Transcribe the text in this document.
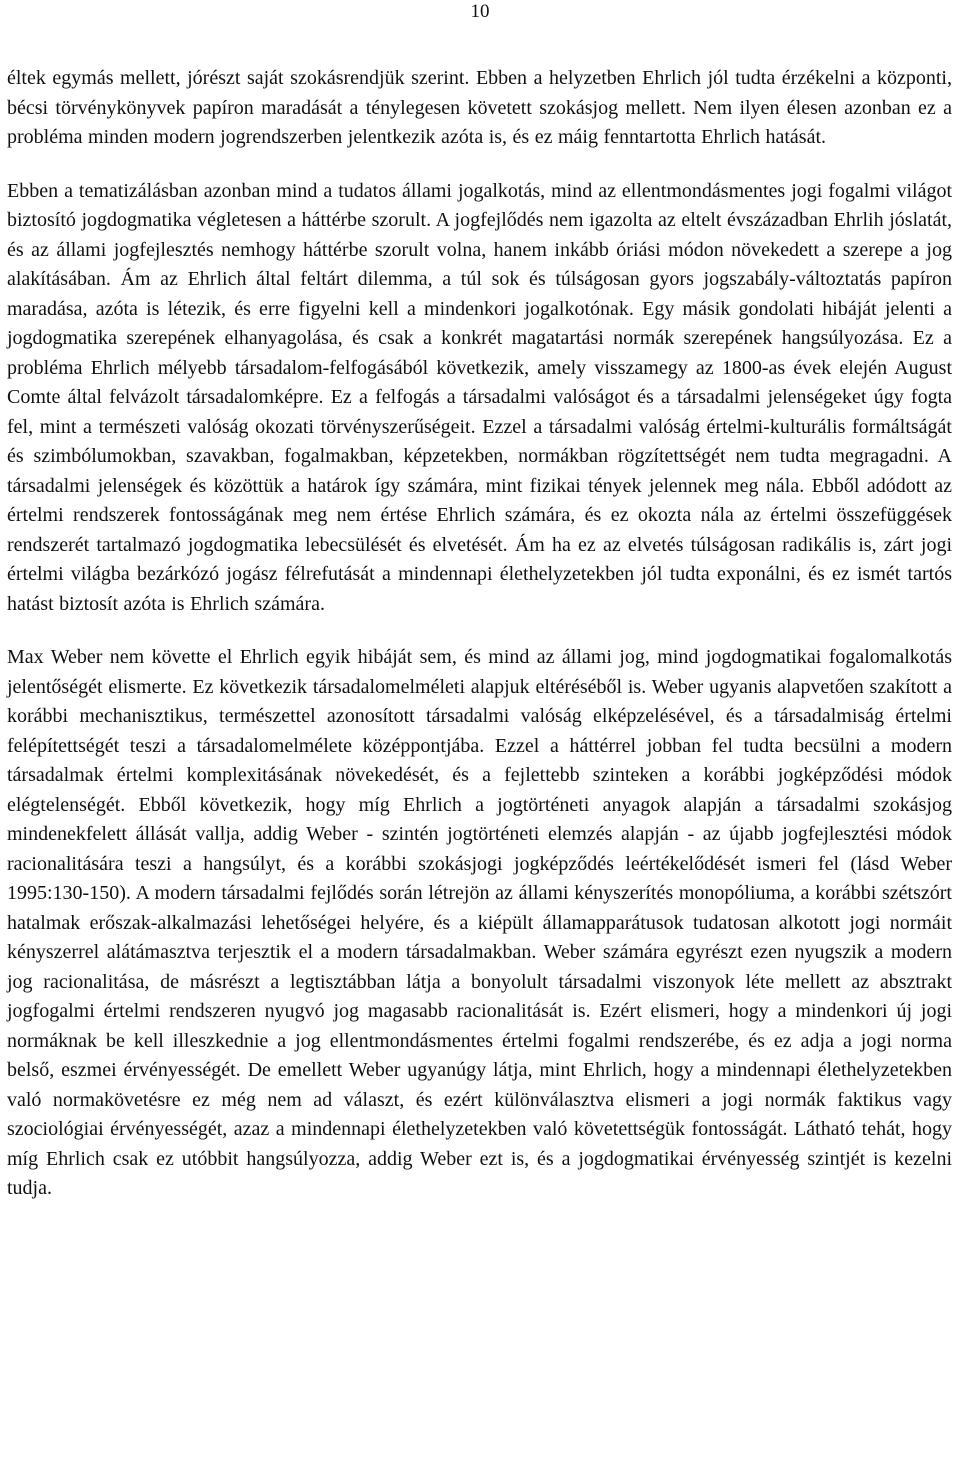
10

éltek egymás mellett, jórészt saját szokásrendjük szerint. Ebben a helyzetben Ehrlich jól tudta érzékelni a központi, bécsi törvénykönyvek papíron maradását a ténylegesen követett szokásjog mellett. Nem ilyen élesen azonban ez a probléma minden modern jogrendszerben jelentkezik azóta is, és ez máig fenntartotta Ehrlich hatását.

Ebben a tematizálásban azonban mind a tudatos állami jogalkotás, mind az ellentmondásmentes jogi fogalmi világot biztosító jogdogmatika végletesen a háttérbe szorult. A jogfejlődés nem igazolta az eltelt évszázadban Ehrlih jóslatát, és az állami jogfejlesztés nemhogy háttérbe szorult volna, hanem inkább óriási módon növekedett a szerepe a jog alakításában. Ám az Ehrlich által feltárt dilemma, a túl sok és túlságosan gyors jogszabály-változtatás papíron maradása, azóta is létezik, és erre figyelni kell a mindenkori jogalkotónak. Egy másik gondolati hibáját jelenti a jogdogmatika szerepének elhanyagolása, és csak a konkrét magatartási normák szerepének hangsúlyozása. Ez a probléma Ehrlich mélyebb társadalom-felfogásából következik, amely visszamegy az 1800-as évek elején August Comte által felvázolt társadalomképre. Ez a felfogás a társadalmi valóságot és a társadalmi jelenségeket úgy fogta fel, mint a természeti valóság okozati törvényszerűségeit. Ezzel a társadalmi valóság értelmi-kulturális formáltságát és szimbólumokban, szavakban, fogalmakban, képzetekben, normákban rögzítettségét nem tudta megragadni. A társadalmi jelenségek és közöttük a határok így számára, mint fizikai tények jelennek meg nála. Ebből adódott az értelmi rendszerek fontosságának meg nem értése Ehrlich számára, és ez okozta nála az értelmi összefüggések rendszerét tartalmazó jogdogmatika lebecsülését és elvetését. Ám ha ez az elvetés túlságosan radikális is, zárt jogi értelmi világba bezárkózó jogász félrefutását a mindennapi élethelyzetekben jól tudta exponálni, és ez ismét tartós hatást biztosít azóta is Ehrlich számára.

Max Weber nem követte el Ehrlich egyik hibáját sem, és mind az állami jog, mind jogdogmatikai fogalomalkotás jelentőségét elismerte. Ez következik társadalomelméleti alapjuk eltéréséből is. Weber ugyanis alapvetően szakított a korábbi mechanisztikus, természettel azonosított társadalmi valóság elképzelésével, és a társadalmiság értelmi felépítettségét teszi a társadalomelmélete középpontjába. Ezzel a háttérrel jobban fel tudta becsülni a modern társadalmak értelmi komplexitásának növekedését, és a fejlettebb szinteken a korábbi jogképződési módok elégtelenségét. Ebből következik, hogy míg Ehrlich a jogtörténeti anyagok alapján a társadalmi szokásjog mindenekfelett állását vallja, addig Weber - szintén jogtörténeti elemzés alapján - az újabb jogfejlesztési módok racionalitására teszi a hangsúlyt, és a korábbi szokásjogi jogképződés leértékelődését ismeri fel (lásd Weber 1995:130-150). A modern társadalmi fejlődés során létrejön az állami kényszerítés monopóliuma, a korábbi szétszórt hatalmak erőszak-alkalmazási lehetőségei helyére, és a kiépült államapparátusok tudatosan alkotott jogi normáit kényszerrel alátámasztva terjesztik el a modern társadalmakban. Weber számára egyrészt ezen nyugszik a modern jog racionalitása, de másrészt a legtisztábban látja a bonyolult társadalmi viszonyok léte mellett az absztrakt jogfogalmi értelmi rendszeren nyugvó jog magasabb racionalitását is. Ezért elismeri, hogy a mindenkori új jogi normáknak be kell illeszkednie a jog ellentmondásmentes értelmi fogalmi rendszerébe, és ez adja a jogi norma belső, eszmei érvényességét. De emellett Weber ugyanúgy látja, mint Ehrlich, hogy a mindennapi élethelyzetekben való normakövetésre ez még nem ad választ, és ezért különválasztva elismeri a jogi normák faktikus vagy szociológiai érvényességét, azaz a mindennapi élethelyzetekben való követettségük fontosságát. Látható tehát, hogy míg Ehrlich csak ez utóbbit hangsúlyozza, addig Weber ezt is, és a jogdogmatikai érvényesség szintjét is kezelni tudja.
